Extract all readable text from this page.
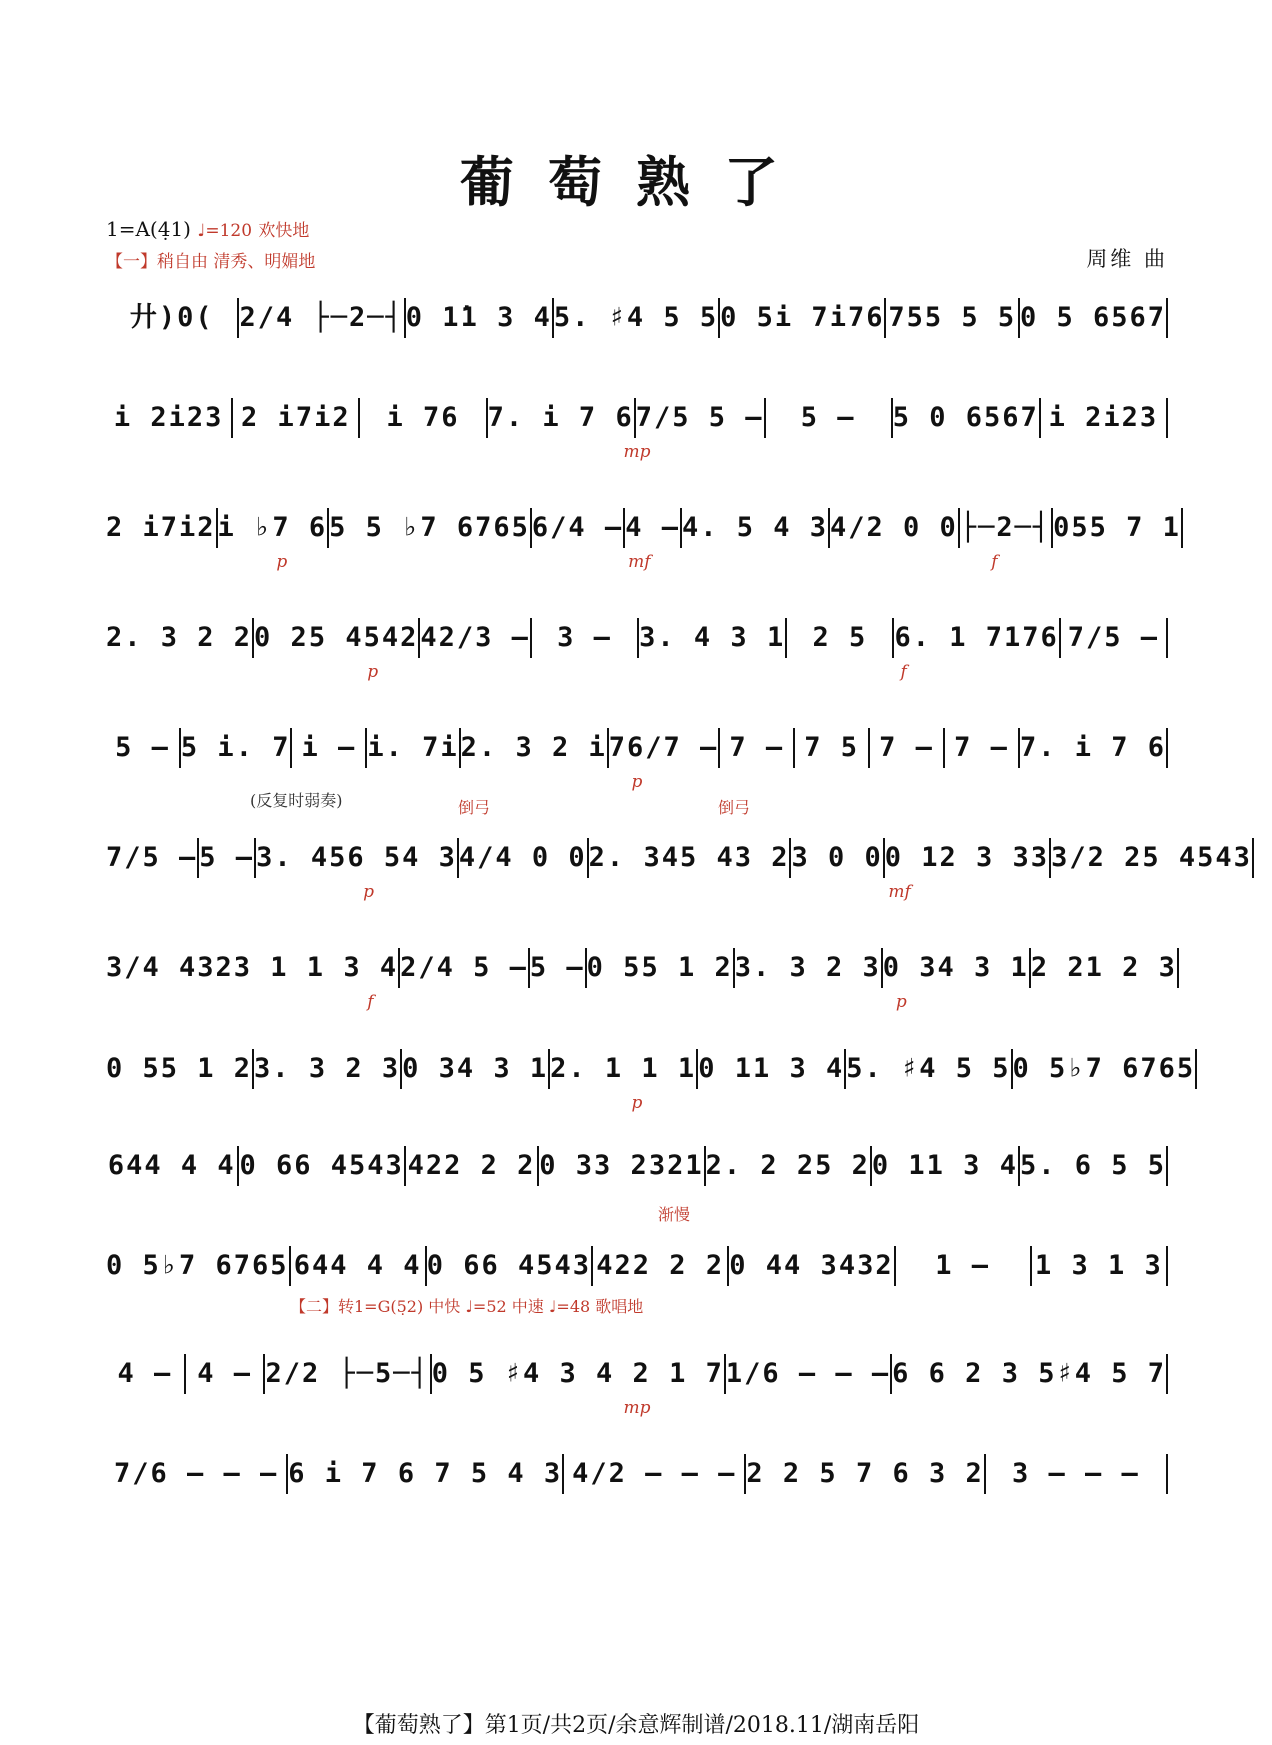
葡萄熟了
1=A(4̣1) ♩=120 欢快地
【一】稍自由 清秀、明媚地	周维 曲
(反复时弱奏)	倒弓	倒弓
渐慢
【二】转1=G(5̣2) 中快 ♩=52 中速 ♩=48 歌唱地
廾)0( 2/4 ├─2─┤ 0 1̇1 3 4 5. ♯4 5 5 0 5i 7i76 755 5 5 0 5 6567
i 2i23 2 i7i2	i 76	7. i 7 6 7/5 5 —	5 —	5 0 6567 i 2i23
mp
2 i7i2 i ♭7 6 5 5 ♭7 6765 6/4 — 4 — 4. 5 4 3 4/2 0 0 ├─2─┤ 055 7 1
p	mf	f
2. 3 2 2 0 25 4542 42/3 —	3 —	3. 4 3 1	2 5	6. 1 7176 7/5 —
p	f
5 — 5 i. 7 i — i. 7i 2. 3 2 i 76/7 — 7 — 7 5 7 — 7 — 7. i 7 6
p
7/5 — 5 — 3. 456 54 3 4/4 0 0 2. 345 43 2 3 0 0 0 12 3 33 3/2 25 4543
p	mf
3/4 4323 1 1 3 4 2/4 5 — 5 — 0 55 1 2 3. 3 2 3 0 34 3 1 2 21 2 3
f	p
0 55 1 2 3. 3 2 3 0 34 3 1 2. 1 1 1 0 11 3 4 5. ♯4 5 5 0 5♭7 6765
p
644 4 4 0 66 4543 422 2 2 0 33 2321 2. 2 25 2 0 11 3 4 5. 6 5 5
0 5♭7 6765 644 4 4 0 66 4543 422 2 2 0 44 3432	1 —	1 3 1 3
4 — 4 — 2/2 ├─5─┤ 0 5 ♯4 3 4 2 1 7 1/6 — — — 6 6 2 3 5♯4 5 7
mp
7/6 — — — 6 i 7 6 7 5 4 3 4/2 — — — 2 2 5 7 6 3 2	3 — — —
【葡萄熟了】第1页/共2页/余意辉制谱/2018.11/湖南岳阳
